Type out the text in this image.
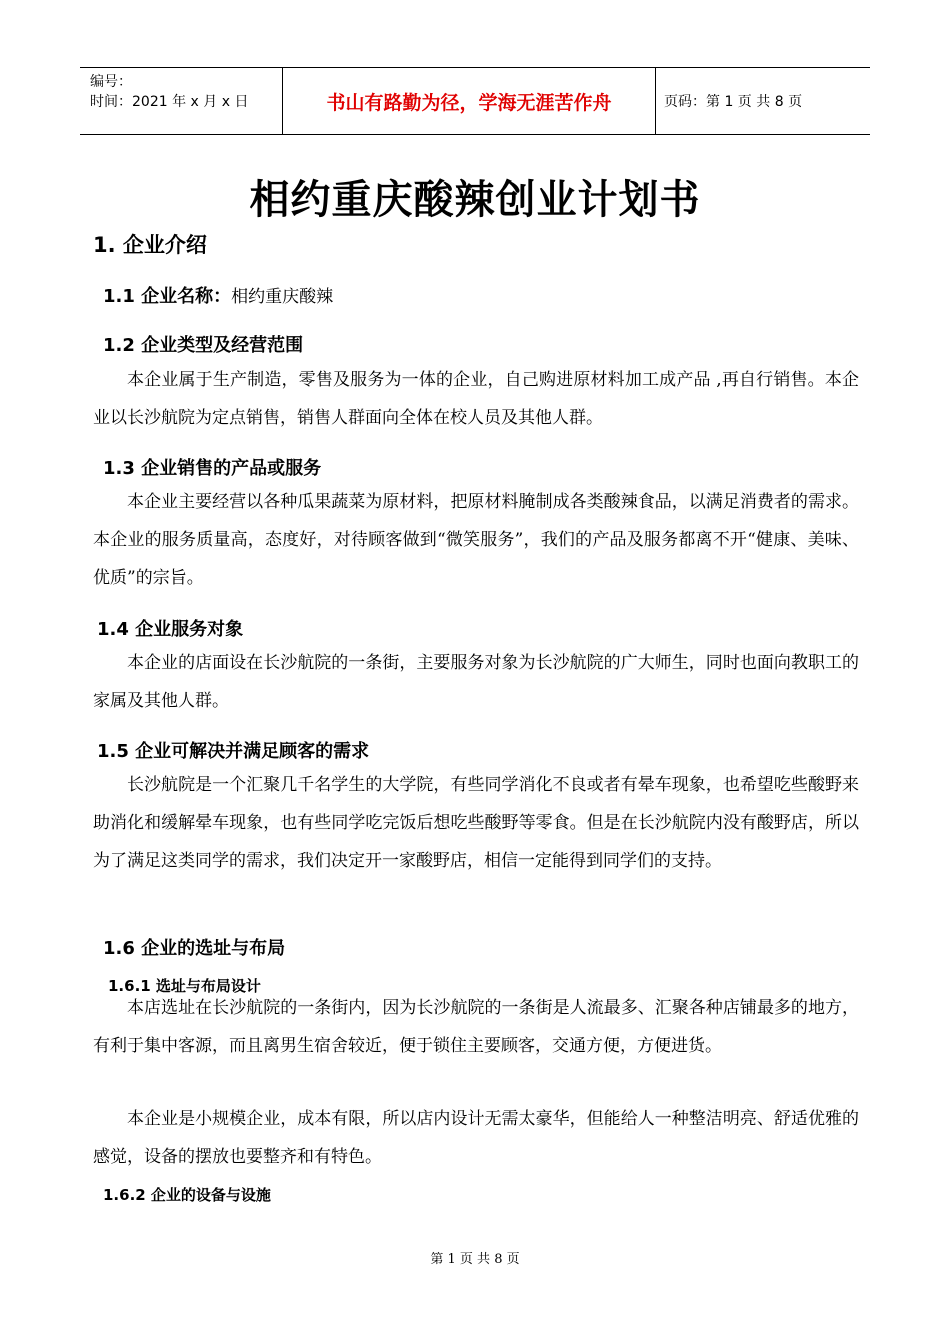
编号：
时间：2021 年 x 月 x 日	书山有路勤为径，学海无涯苦作舟	页码：第 1 页 共 8 页
相约重庆酸辣创业计划书
1. 企业介绍
1.1 企业名称：相约重庆酸辣
1.2 企业类型及经营范围

本企业属于生产制造，零售及服务为一体的企业，自己购进原材料加工成产品 ,再自行销售。本企业以长沙航院为定点销售，销售人群面向全体在校人员及其他人群。

1.3 企业销售的产品或服务

本企业主要经营以各种瓜果蔬菜为原材料，把原材料腌制成各类酸辣食品，以满足消费者的需求。本企业的服务质量高，态度好，对待顾客做到“微笑服务”，我们的产品及服务都离不开“健康、美味、优质”的宗旨。

1.4 企业服务对象

本企业的店面设在长沙航院的一条街，主要服务对象为长沙航院的广大师生，同时也面向教职工的家属及其他人群。

1.5 企业可解决并满足顾客的需求

长沙航院是一个汇聚几千名学生的大学院，有些同学消化不良或者有晕车现象，也希望吃些酸野来助消化和缓解晕车现象，也有些同学吃完饭后想吃些酸野等零食。但是在长沙航院内没有酸野店，所以为了满足这类同学的需求，我们决定开一家酸野店，相信一定能得到同学们的支持。

1.6 企业的选址与布局
1.6.1 选址与布局设计

本店选址在长沙航院的一条街内，因为长沙航院的一条街是人流最多、汇聚各种店铺最多的地方，有利于集中客源，而且离男生宿舍较近，便于锁住主要顾客，交通方便，方便进货。

本企业是小规模企业，成本有限，所以店内设计无需太豪华，但能给人一种整洁明亮、舒适优雅的感觉，设备的摆放也要整齐和有特色。

1.6.2 企业的设备与设施
第 1 页 共 8 页
